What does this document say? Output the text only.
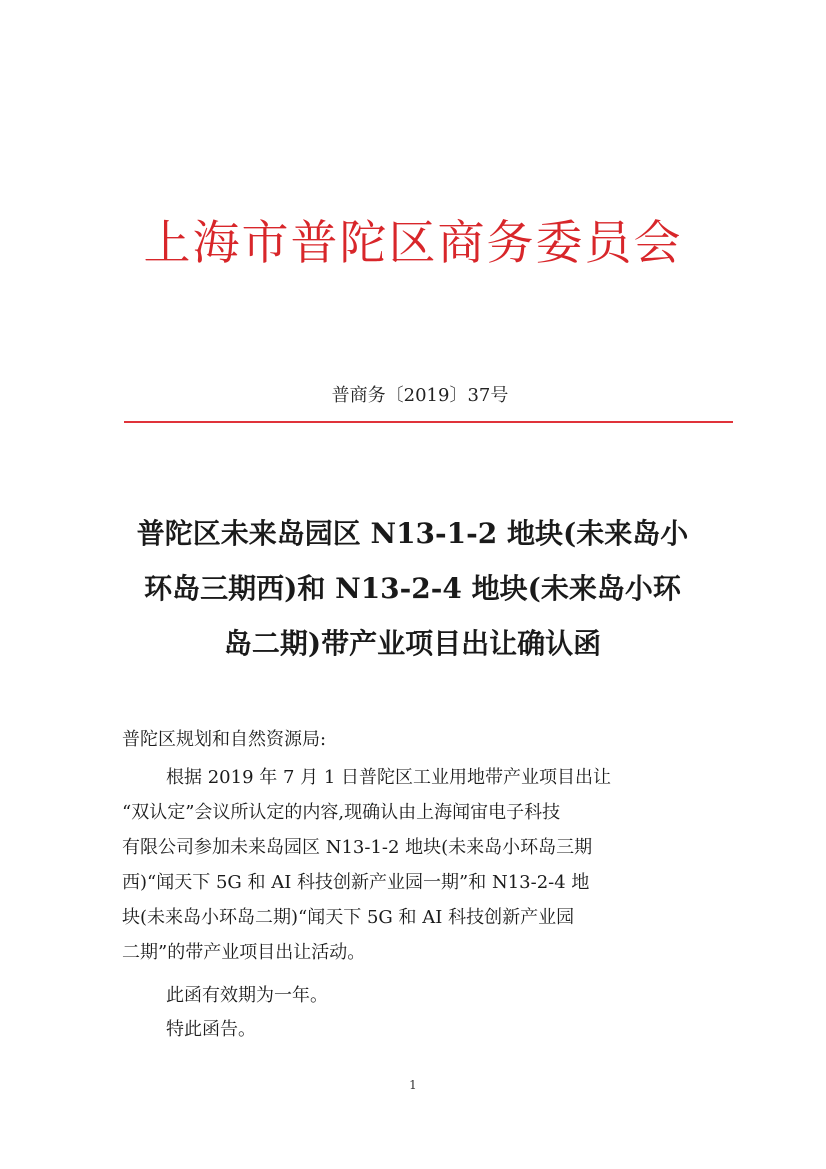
上海市普陀区商务委员会
普商务〔2019〕37号
普陀区未来岛园区 N13-1-2 地块(未来岛小
环岛三期西)和 N13-2-4 地块(未来岛小环
岛二期)带产业项目出让确认函
普陀区规划和自然资源局:
根据 2019 年 7 月 1 日普陀区工业用地带产业项目出让
“双认定”会议所认定的内容,现确认由上海闻宙电子科技
有限公司参加未来岛园区 N13-1-2 地块(未来岛小环岛三期
西)“闻天下 5G 和 AI 科技创新产业园一期”和 N13-2-4 地
块(未来岛小环岛二期)“闻天下 5G 和 AI 科技创新产业园
二期”的带产业项目出让活动。
此函有效期为一年。
特此函告。
1
